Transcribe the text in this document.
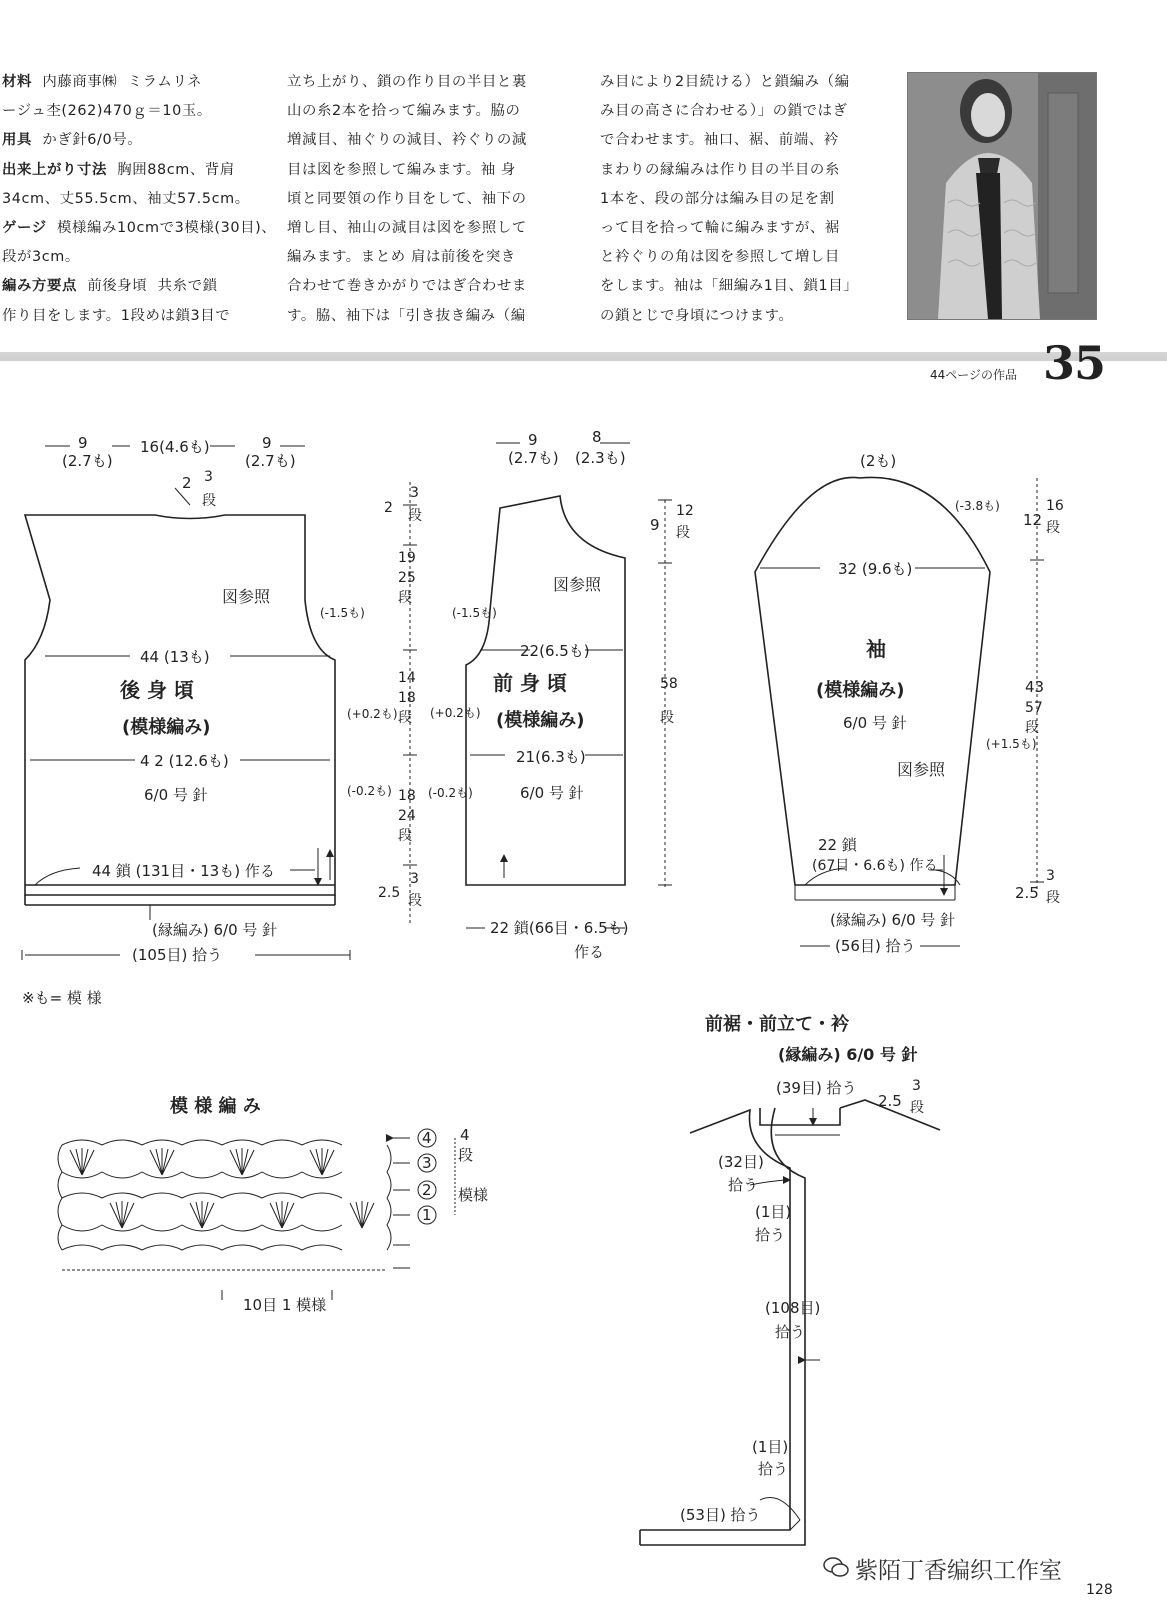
材料  内藤商事㈱  ミラムリネ
ージュ杢(262)470ｇ＝10玉。
用具  かぎ針6/0号。
出来上がり寸法  胸囲88cm、背肩
34cm、丈55.5cm、袖丈57.5cm。
ゲージ  模様編み10cmで3模様(30目)、
段が3cm。
編み方要点  前後身頃  共糸で鎖
作り目をします。1段めは鎖3目で
立ち上がり、鎖の作り目の半目と裏
山の糸2本を拾って編みます。脇の
増減目、袖ぐりの減目、衿ぐりの減
目は図を参照して編みます。袖 身
頃と同要領の作り目をして、袖下の
増し目、袖山の減目は図を参照して
編みます。まとめ 肩は前後を突き
合わせて巻きかがりではぎ合わせま
す。脇、袖下は「引き抜き編み（編
み目により2目続ける）と鎖編み（編
み目の高さに合わせる）」の鎖ではぎ
で合わせます。袖口、裾、前端、衿
まわりの縁編みは作り目の半目の糸
1本を、段の部分は編み目の足を割
って目を拾って輪に編みますが、裾
と衿ぐりの角は図を参照して増し目
をします。袖は「細編み1目、鎖1目」
の鎖とじで身頃につけます。
44ページの作品 35
9
(2.7も)
16(4.6も)	9
(2.7も)
2 3
段
図参照
(-1.5も)
44 (13も)
後 身 頃
(模様編み)
4 2 (12.6も)
6/0 号 針
(+0.2も)
(-0.2も)
44 鎖 (131目・13も) 作る
(縁編み) 6/0 号 針
(105目) 拾う
※も= 模 様
2
3
段
19
25
段
14
18
段
18
24
段
2.5
3
段
9
(2.7も)
8
(2.3も)
9
12
段
図参照
(-1.5も)
22(6.5も)
前 身 頃
(模様編み)
(+0.2も)
21(6.3も)
6/0 号 針
(-0.2も)
58
段
22 鎖(66目・6.5も)
作る
(2も)
(-3.8も)
12
16
段
32 (9.6も)
袖
(模様編み)
6/0 号 針
43
57
段
(+1.5も)
図参照
22 鎖
(67目・6.6も) 作る
2.5
3
段
(縁編み) 6/0 号 針
(56目) 拾う
模 様 編 み
4
3
2
1
4
段
模様
10目 1 模様
前裾・前立て・衿
(縁編み) 6/0 号 針
(39目) 拾う
2.5
3
段
(32目)
拾う
(1目)
拾う
(108目)
拾う
(1目)
拾う
(53目) 拾う
紫陌丁香编织工作室
128
